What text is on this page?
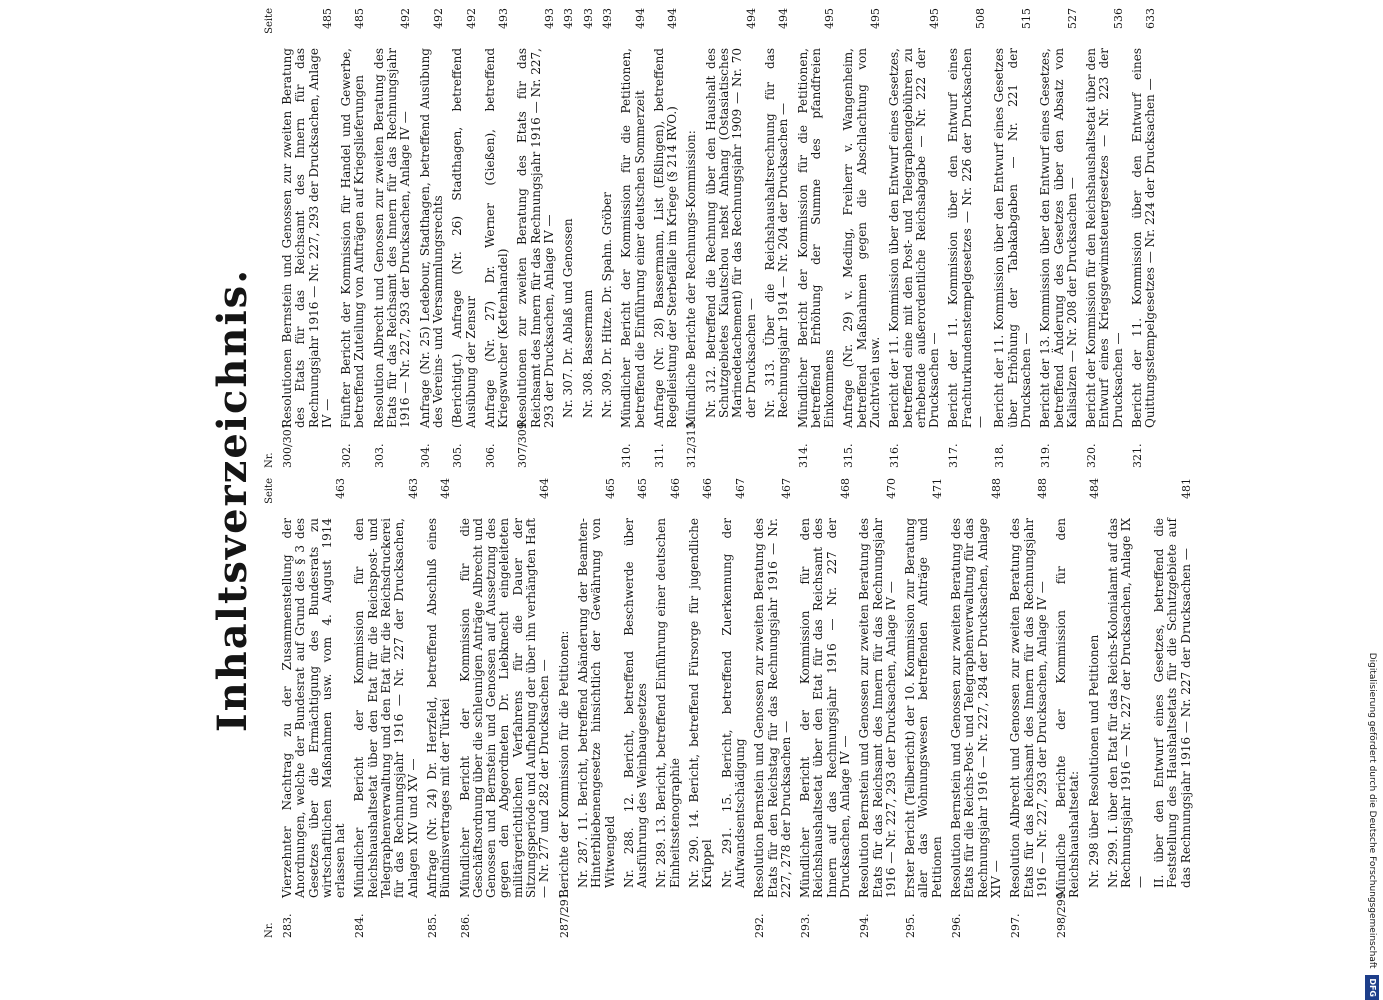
Inhaltsverzeichnis.
Nr.
Seite
283.
Vierzehnter Nachtrag zu der Zusammenstellung der Anordnungen, welche der Bundesrat auf Grund des § 3 des Gesetzes über die Ermächtigung des Bundesrats zu wirtschaftlichen Maßnahmen usw. vom 4. August 1914 erlassen hat
463
284.
Mündlicher Bericht der Kommission für den Reichshaushaltsetat über den Etat für die Reichspost- und Telegraphenverwaltung und den Etat für die Reichsdruckerei für das Rechnungsjahr 1916 — Nr. 227 der Drucksachen, Anlagen XIV und XV —
463
285.
Anfrage (Nr. 24) Dr. Herzfeld, betreffend Abschluß eines Bündnisvertrages mit der Türkei
464
286.
Mündlicher Bericht der Kommission für die Geschäftsordnung über die schleunigen Anträge Albrecht und Genossen und Bernstein und Genossen auf Aussetzung des gegen den Abgeordneten Dr. Liebknecht eingeleiteten militärgerichtlichen Verfahrens für die Dauer der Sitzungsperiode und Aufhebung der über ihn verhängten Haft — Nr. 277 und 282 der Drucksachen —
464
287/291.
Berichte der Kommission für die Petitionen: Nr. 287. 11. Bericht, betreffend Abänderung der Beamten-Hinterbliebenengesetze hinsichtlich der Gewährung von Witwengeld
465
Nr. 288. 12. Bericht, betreffend Beschwerde über Ausführung des Weinbaugesetzes
465
Nr. 289. 13. Bericht, betreffend Einführung einer deutschen Einheitsstenographie
466
Nr. 290. 14. Bericht, betreffend Fürsorge für jugendliche Krüppel
466
Nr. 291. 15. Bericht, betreffend Zuerkennung der Aufwandsentschädigung
467
292.
Resolution Bernstein und Genossen zur zweiten Beratung des Etats für den Reichstag für das Rechnungsjahr 1916 — Nr. 227, 278 der Drucksachen —
467
293.
Mündlicher Bericht der Kommission für den Reichshaushaltsetat über den Etat für das Reichsamt des Innern auf das Rechnungsjahr 1916 — Nr. 227 der Drucksachen, Anlage IV —
468
294.
Resolution Bernstein und Genossen zur zweiten Beratung des Etats für das Reichsamt des Innern für das Rechnungsjahr 1916 — Nr. 227, 293 der Drucksachen, Anlage IV —
470
295.
Erster Bericht (Teilbericht) der 10. Kommission zur Beratung aller das Wohnungswesen betreffenden Anträge und Petitionen
471
296.
Resolution Bernstein und Genossen zur zweiten Beratung des Etats für die Reichs-Post- und Telegraphenverwaltung für das Rechnungsjahr 1916 — Nr. 227, 284 der Drucksachen, Anlage XIV —
488
297.
Resolution Albrecht und Genossen zur zweiten Beratung des Etats für das Reichsamt des Innern für das Rechnungsjahr 1916 — Nr. 227, 293 der Drucksachen, Anlage IV —
488
298/299.
Mündliche Berichte der Kommission für den Reichshaushaltsetat: Nr. 298 über Resolutionen und Petitionen
484
Nr. 299. I. über den Etat für das Reichs-Kolonialamt auf das Rechnungsjahr 1916 — Nr. 227 der Drucksachen, Anlage IX — II. über den Entwurf eines Gesetzes, betreffend die Feststellung des Haushaltsetats für die Schutzgebiete auf das Rechnungsjahr 1916 — Nr. 227 der Drucksachen —
481
Nr.
Seite
300/301.
Resolutionen Bernstein und Genossen zur zweiten Beratung des Etats für das Reichsamt des Innern für das Rechnungsjahr 1916 — Nr. 227, 293 der Drucksachen, Anlage IV —
485
302.
Fünfter Bericht der Kommission für Handel und Gewerbe, betreffend Zuteilung von Aufträgen auf Kriegslieferungen
485
303.
Resolution Albrecht und Genossen zur zweiten Beratung des Etats für das Reichsamt des Innern für das Rechnungsjahr 1916 — Nr. 227, 293 der Drucksachen, Anlage IV —
492
304.
Anfrage (Nr. 25) Ledebour, Stadthagen, betreffend Ausübung des Vereins- und Versammlungsrechts
492
305.
(Berichtigt.) Anfrage (Nr. 26) Stadthagen, betreffend Ausübung der Zensur
492
306.
Anfrage (Nr. 27) Dr. Werner (Gießen), betreffend Kriegswucher (Kettenhandel)
493
307/309.
Resolutionen zur zweiten Beratung des Etats für das Reichsamt des Innern für das Rechnungsjahr 1916 — Nr. 227, 293 der Drucksachen, Anlage IV —
493
Nr. 307. Dr. Ablaß und Genossen
493
Nr. 308. Bassermann
493
Nr. 309. Dr. Hitze. Dr. Spahn. Gröber
493
310.
Mündlicher Bericht der Kommission für die Petitionen, betreffend die Einführung einer deutschen Sommerzeit
494
311.
Anfrage (Nr. 28) Bassermann, List (Eßlingen), betreffend Regelleistung der Sterbefälle im Kriege (§ 214 RVO.)
494
312/313.
Mündliche Berichte der Rechnungs-Kommission: Nr. 312. Betreffend die Rechnung über den Haushalt des Schutzgebietes Kiautschou nebst Anhang (Ostasiatisches Marinedetachement) für das Rechnungsjahr 1909 — Nr. 70 der Drucksachen —
494
Nr. 313. Über die Reichshaushaltsrechnung für das Rechnungsjahr 1914 — Nr. 204 der Drucksachen —
494
314.
Mündlicher Bericht der Kommission für die Petitionen, betreffend Erhöhung der Summe des pfandfreien Einkommens
495
315.
Anfrage (Nr. 29) v. Meding, Freiherr v. Wangenheim, betreffend Maßnahmen gegen die Abschlachtung von Zuchtvieh usw.
495
316.
Bericht der 11. Kommission über den Entwurf eines Gesetzes, betreffend eine mit den Post- und Telegraphengebühren zu erhebende außerordentliche Reichsabgabe — Nr. 222 der Drucksachen —
495
317.
Bericht der 11. Kommission über den Entwurf eines Frachturkundenstempelgesetzes — Nr. 226 der Drucksachen —
508
318.
Bericht der 11. Kommission über den Entwurf eines Gesetzes über Erhöhung der Tabakabgaben — Nr. 221 der Drucksachen —
515
319.
Bericht der 13. Kommission über den Entwurf eines Gesetzes, betreffend Änderung des Gesetzes über den Absatz von Kalisalzen — Nr. 208 der Drucksachen —
527
320.
Bericht der Kommission für den Reichshaushaltsetat über den Entwurf eines Kriegsgewinnsteuergesetzes — Nr. 223 der Drucksachen —
536
321.
Bericht der 11. Kommission über den Entwurf eines Quittungsstempelgesetzes — Nr. 224 der Drucksachen —
633
Digitalisierung gefördert durch die Deutsche Forschungsgemeinschaft DFG
